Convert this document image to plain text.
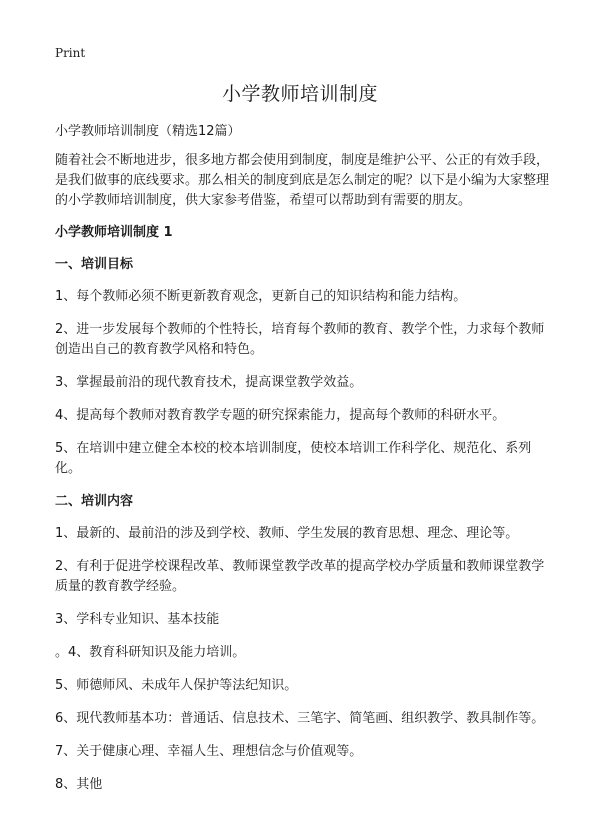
Print
小学教师培训制度

小学教师培训制度（精选12篇）

随着社会不断地进步，很多地方都会使用到制度，制度是维护公平、公正的有效手段，是我们做事的底线要求。那么相关的制度到底是怎么制定的呢？以下是小编为大家整理的小学教师培训制度，供大家参考借鉴，希望可以帮助到有需要的朋友。

小学教师培训制度 1

一、培训目标

1、每个教师必须不断更新教育观念，更新自己的知识结构和能力结构。

2、进一步发展每个教师的个性特长，培育每个教师的教育、教学个性，力求每个教师创造出自己的教育教学风格和特色。

3、掌握最前沿的现代教育技术，提高课堂教学效益。

4、提高每个教师对教育教学专题的研究探索能力，提高每个教师的科研水平。

5、在培训中建立健全本校的校本培训制度，使校本培训工作科学化、规范化、系列化。

二、培训内容

1、最新的、最前沿的涉及到学校、教师、学生发展的教育思想、理念、理论等。

2、有利于促进学校课程改革、教师课堂教学改革的提高学校办学质量和教师课堂教学质量的教育教学经验。

3、学科专业知识、基本技能

。4、教育科研知识及能力培训。

5、师德师风、未成年人保护等法纪知识。

6、现代教师基本功：普通话、信息技术、三笔字、简笔画、组织教学、教具制作等。

7、关于健康心理、幸福人生、理想信念与价值观等。

8、其他
